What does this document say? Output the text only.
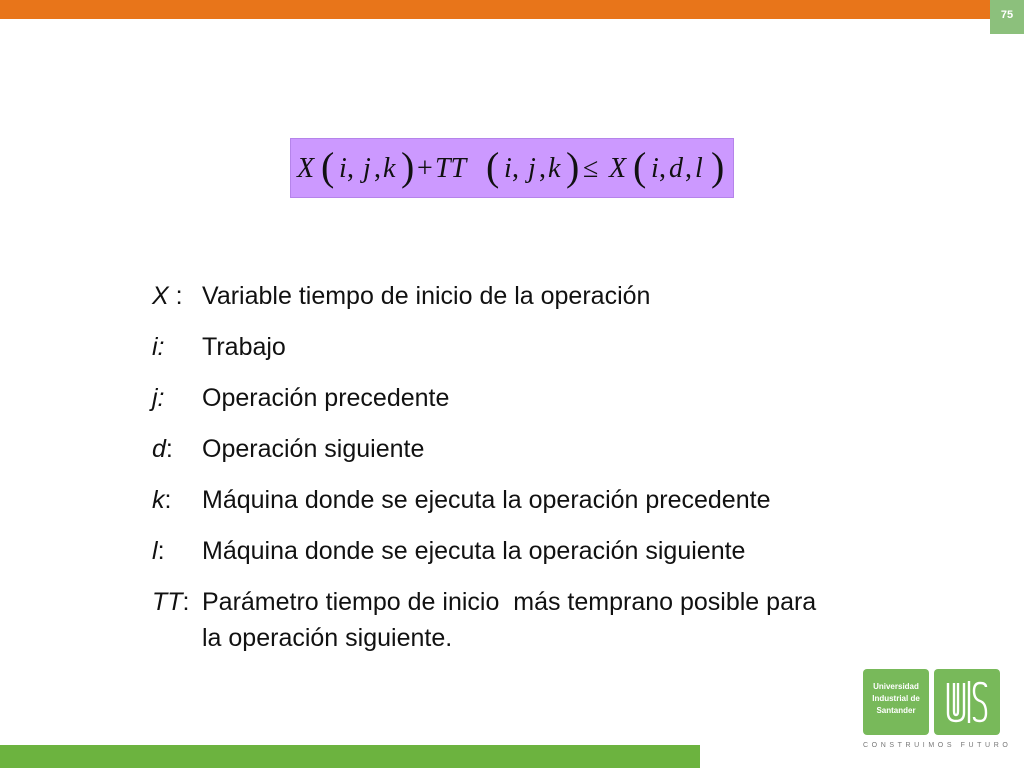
75
X ( i , j , k ) + TT ( i , j , k ) ≤ X ( i , d , l )
X : Variable tiempo de inicio de la operación
i:	Trabajo
j:	Operación precedente
d:	Operación siguiente
k:	Máquina donde se ejecuta la operación precedente
l:	Máquina donde se ejecuta la operación siguiente
TT: Parámetro tiempo de inicio  más temprano posible para
la operación siguiente.
Universidad
Industrial de
Santander
CONSTRUIMOS FUTURO
